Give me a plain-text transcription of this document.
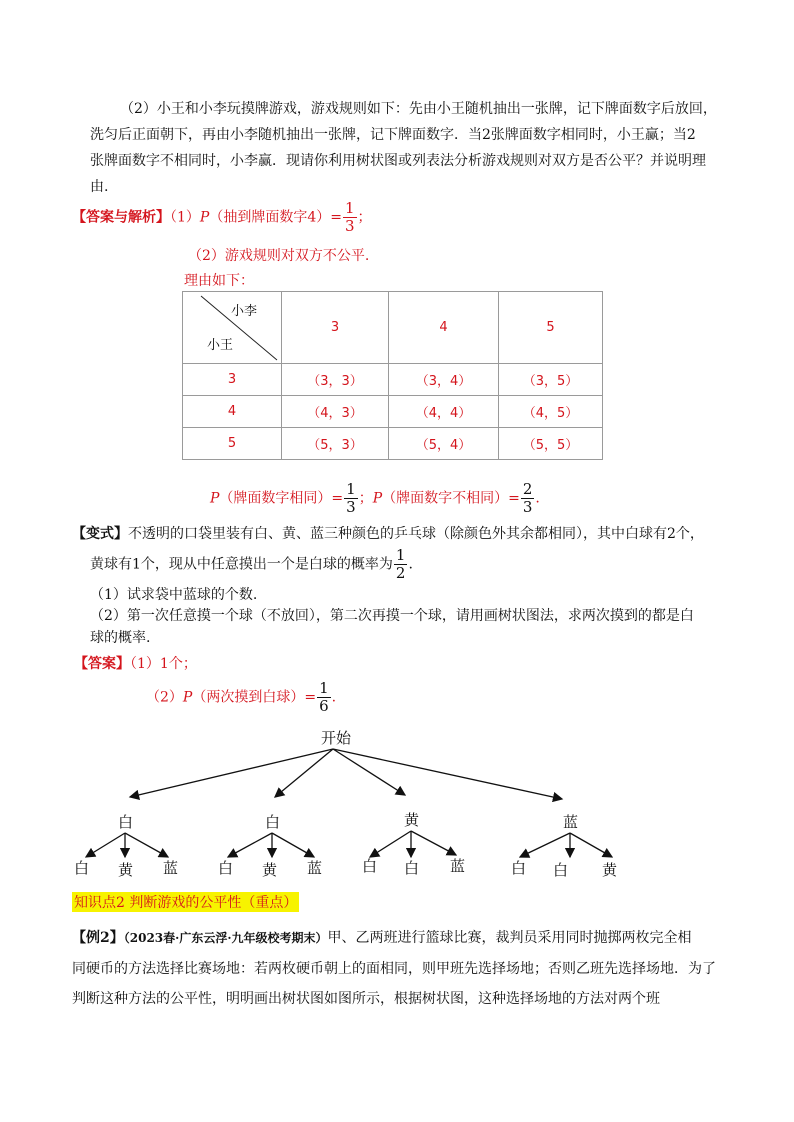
（2）小王和小李玩摸牌游戏，游戏规则如下：先由小王随机抽出一张牌，记下牌面数字后放回，
洗匀后正面朝下，再由小李随机抽出一张牌，记下牌面数字．当2张牌面数字相同时，小王赢；当2
张牌面数字不相同时，小李赢．现请你利用树状图或列表法分析游戏规则对双方是否公平？并说明理
由.
【答案与解析】（1）P（抽到牌面数字$4)= \frac{1}{3}$ ；
（2）游戏规则对双方不公平.
理由如下：
小李
小王	3	4	5
3	（3，3）	（3，4）	（3，5）
4	（4，3）	（4，4）	（4，5）
5	（5，3）	（5，4）	（5，5）
P（牌面数字相同）= $\frac{1}{3}$ ；P（牌面数字不相同）= $\frac{2}{3}$ .
【变式】不透明的口袋里装有白、黄、蓝三种颜色的乒乓球（除颜色外其余都相同），其中白球有2个，
黄球有1个，现从中任意摸出一个是白球的概率为 $\frac{1}{2}$ .
（1）试求袋中蓝球的个数.
（2）第一次任意摸一个球（不放回），第二次再摸一个球，请用画树状图法，求两次摸到的都是白
球的概率.
【答案】（1）1个；
（2）P（两次摸到白球）= $\frac{1}{6}$ .
开始
白	白	黄	蓝
白 黄 蓝	白 黄 蓝	白 白 蓝	白 白 黄
知识点2 判断游戏的公平性（重点）
【例2】（2023春·广东云浮·九年级校考期末）甲、乙两班进行篮球比赛，裁判员采用同时抛掷两枚完全相
同硬币的方法选择比赛场地：若两枚硬币朝上的面相同，则甲班先选择场地；否则乙班先选择场地．为了
判断这种方法的公平性，明明画出树状图如图所示，根据树状图，这种选择场地的方法对两个班
